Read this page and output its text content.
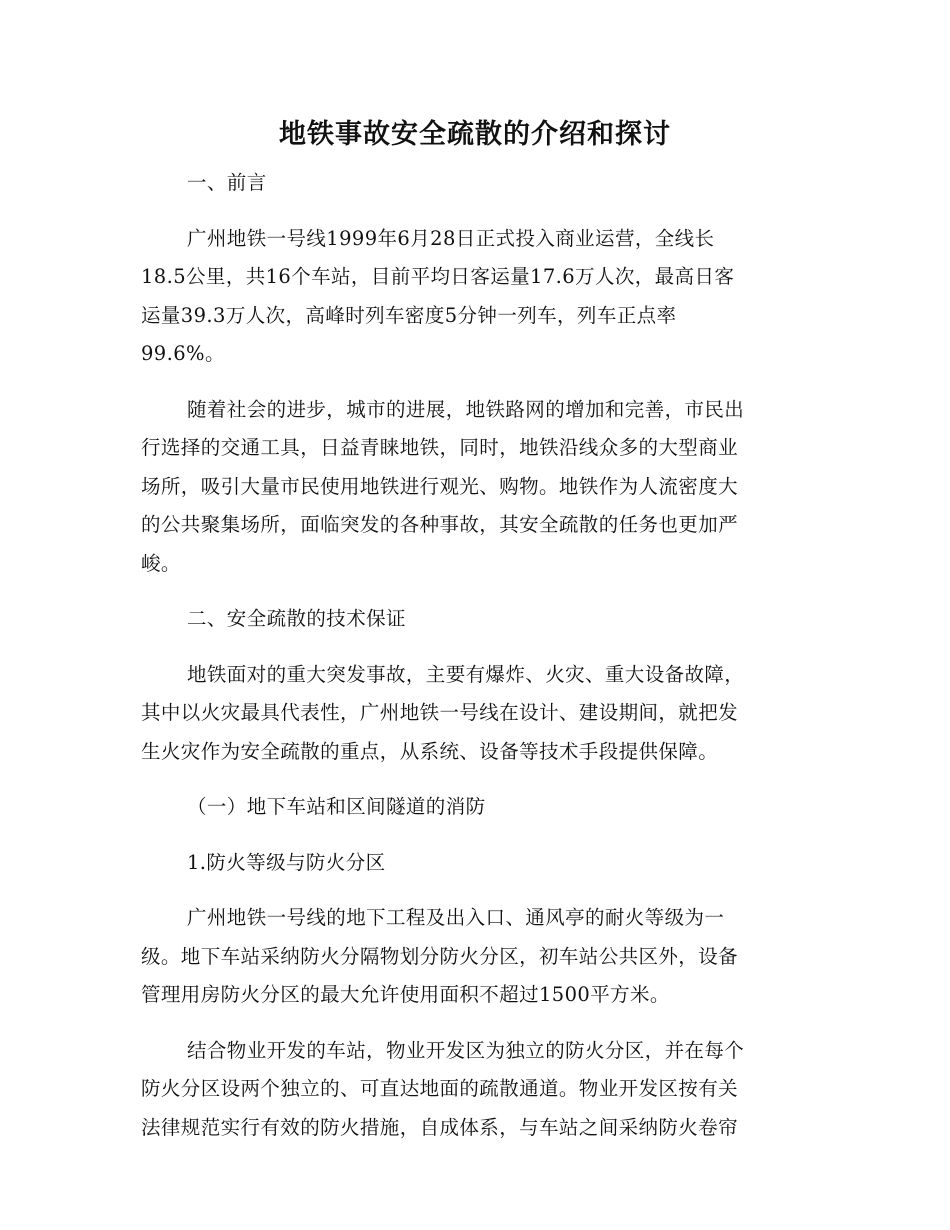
地铁事故安全疏散的介绍和探讨
一、前言
广州地铁一号线1999年6月28日正式投入商业运营，全线长
18.5公里，共16个车站，目前平均日客运量17.6万人次，最高日客
运量39.3万人次，高峰时列车密度5分钟一列车，列车正点率
99.6%。
随着社会的进步，城市的进展，地铁路网的增加和完善，市民出
行选择的交通工具，日益青睐地铁，同时，地铁沿线众多的大型商业
场所，吸引大量市民使用地铁进行观光、购物。地铁作为人流密度大
的公共聚集场所，面临突发的各种事故，其安全疏散的任务也更加严
峻。
二、安全疏散的技术保证
地铁面对的重大突发事故，主要有爆炸、火灾、重大设备故障，
其中以火灾最具代表性，广州地铁一号线在设计、建设期间，就把发
生火灾作为安全疏散的重点，从系统、设备等技术手段提供保障。
（一）地下车站和区间隧道的消防
1.防火等级与防火分区
广州地铁一号线的地下工程及出入口、通风亭的耐火等级为一
级。地下车站采纳防火分隔物划分防火分区，初车站公共区外，设备
管理用房防火分区的最大允许使用面积不超过1500平方米。
结合物业开发的车站，物业开发区为独立的防火分区，并在每个
防火分区设两个独立的、可直达地面的疏散通道。物业开发区按有关
法律规范实行有效的防火措施，自成体系，与车站之间采纳防火卷帘
